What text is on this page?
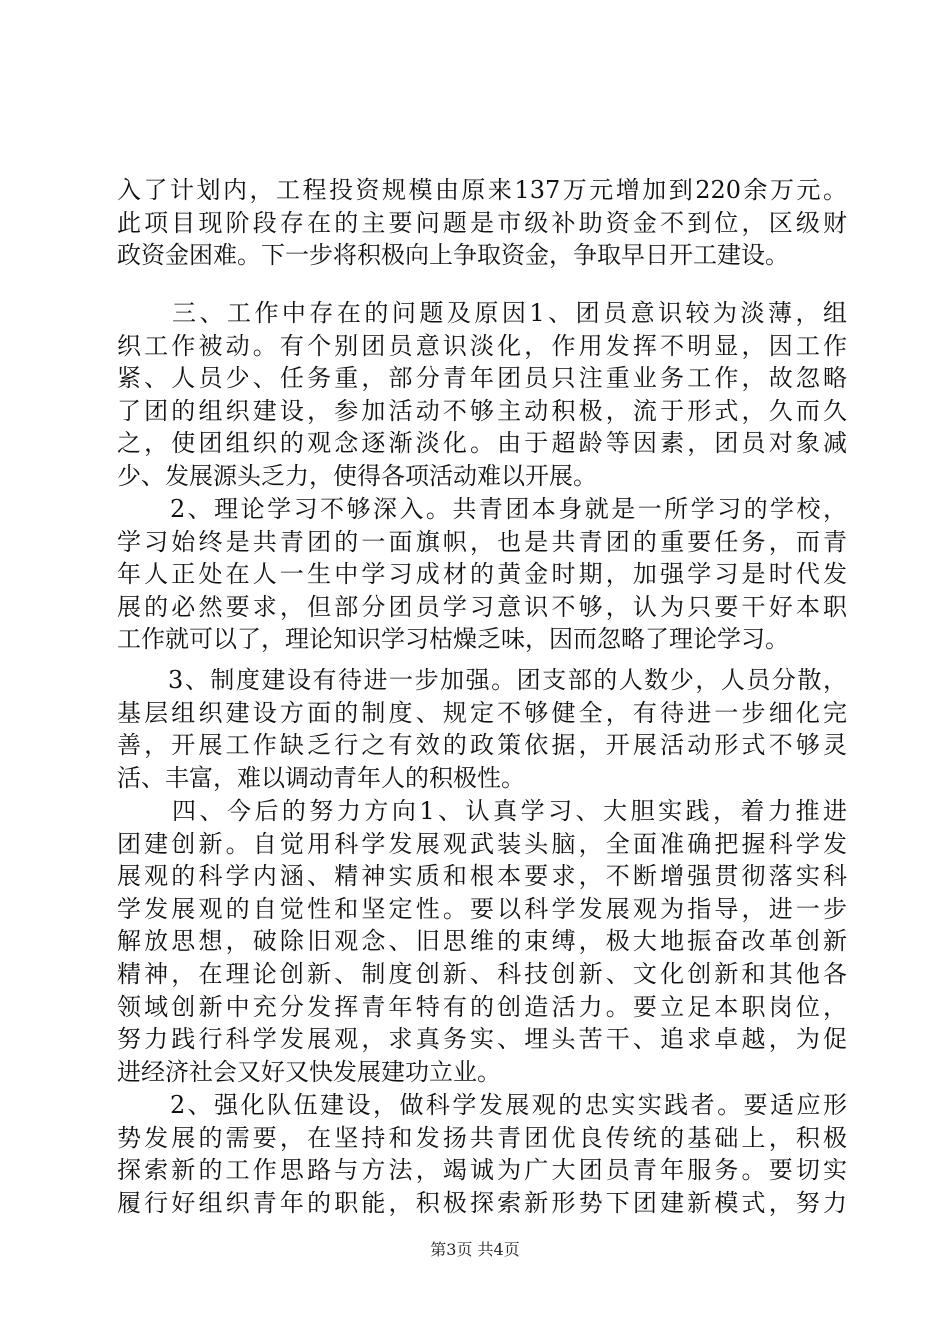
入了计划内，工程投资规模由原来137万元增加到220余万元。
此项目现阶段存在的主要问题是市级补助资金不到位，区级财
政资金困难。下一步将积极向上争取资金，争取早日开工建设。
　　三、工作中存在的问题及原因1、团员意识较为淡薄，组
织工作被动。有个别团员意识淡化，作用发挥不明显，因工作
紧、人员少、任务重，部分青年团员只注重业务工作，故忽略
了团的组织建设，参加活动不够主动积极，流于形式，久而久
之，使团组织的观念逐渐淡化。由于超龄等因素，团员对象减
少、发展源头乏力，使得各项活动难以开展。
　　2、理论学习不够深入。共青团本身就是一所学习的学校，
学习始终是共青团的一面旗帜，也是共青团的重要任务，而青
年人正处在人一生中学习成材的黄金时期，加强学习是时代发
展的必然要求，但部分团员学习意识不够，认为只要干好本职
工作就可以了，理论知识学习枯燥乏味，因而忽略了理论学习。
　　3、制度建设有待进一步加强。团支部的人数少，人员分散，
基层组织建设方面的制度、规定不够健全，有待进一步细化完
善，开展工作缺乏行之有效的政策依据，开展活动形式不够灵
活、丰富，难以调动青年人的积极性。
　　四、今后的努力方向1、认真学习、大胆实践，着力推进
团建创新。自觉用科学发展观武装头脑，全面准确把握科学发
展观的科学内涵、精神实质和根本要求，不断增强贯彻落实科
学发展观的自觉性和坚定性。要以科学发展观为指导，进一步
解放思想，破除旧观念、旧思维的束缚，极大地振奋改革创新
精神，在理论创新、制度创新、科技创新、文化创新和其他各
领域创新中充分发挥青年特有的创造活力。要立足本职岗位，
努力践行科学发展观，求真务实、埋头苦干、追求卓越，为促
进经济社会又好又快发展建功立业。
　　2、强化队伍建设，做科学发展观的忠实实践者。要适应形
势发展的需要，在坚持和发扬共青团优良传统的基础上，积极
探索新的工作思路与方法，竭诚为广大团员青年服务。要切实
履行好组织青年的职能，积极探索新形势下团建新模式，努力
第3页 共4页
